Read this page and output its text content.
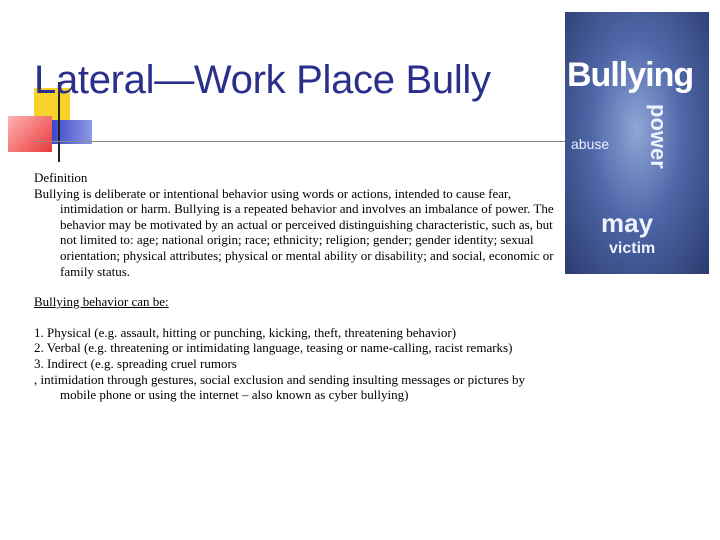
Lateral—Work Place Bully Bullying
power
abuse
may
victim

Definition

Bullying is deliberate or intentional behavior using words or actions, intended to cause fear, intimidation or harm. Bullying is a repeated behavior and involves an imbalance of power. The behavior may be motivated by an actual or perceived distinguishing characteristic, such as, but not limited to: age; national origin; race; ethnicity; religion; gender; gender identity; sexual orientation; physical attributes; physical or mental ability or disability; and social, economic or family status.

Bullying behavior can be:

1. Physical (e.g. assault, hitting or punching, kicking, theft, threatening behavior)

2. Verbal (e.g. threatening or intimidating language, teasing or name-calling, racist remarks)

3. Indirect (e.g. spreading cruel rumors

, intimidation through gestures, social exclusion and sending insulting messages or pictures by mobile phone or using the internet – also known as cyber bullying)
